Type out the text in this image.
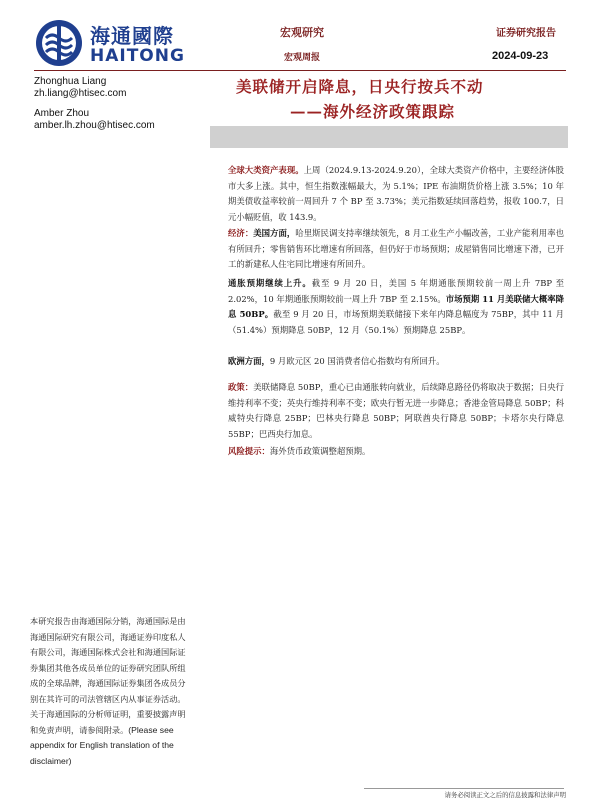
海通國際
HAITONG
宏观研究
宏观周报
证券研究报告
2024-09-23
Zhonghua Liang
zh.liang@htisec.com
Amber Zhou
amber.lh.zhou@htisec.com
美联储开启降息，日央行按兵不动
——海外经济政策跟踪
全球大类资产表现。上周（2024.9.13-2024.9.20），全球大类资产价格中，主要经济体股市大多上涨。其中，恒生指数涨幅最大，为 5.1%；IPE 布油期货价格上涨 3.5%；10 年期美债收益率较前一周回升 7 个 BP 至 3.73%；美元指数延续回落趋势，报收 100.7，日元小幅贬值，收 143.9。
经济：美国方面，哈里斯民调支持率继续领先，8 月工业生产小幅改善，工业产能利用率也有所回升；零售销售环比增速有所回落，但仍好于市场预期；成屋销售同比增速下滑，已开工的新建私人住宅同比增速有所回升。
通胀预期继续上升。截至 9 月 20 日，美国 5 年期通胀预期较前一周上升 7BP 至 2.02%，10 年期通胀预期较前一周上升 7BP 至 2.15%。市场预期 11 月美联储大概率降息 50BP。截至 9 月 20 日，市场预期美联储接下来年内降息幅度为 75BP，其中 11 月（51.4%）预期降息 50BP，12 月（50.1%）预期降息 25BP。
欧洲方面，9 月欧元区 20 国消费者信心指数均有所回升。
政策：美联储降息 50BP，重心已由通胀转向就业，后续降息路径仍将取决于数据；日央行维持利率不变；英央行维持利率不变；欧央行暂无进一步降息；香港金管局降息 50BP；科威特央行降息 25BP；巴林央行降息 50BP；阿联酋央行降息 50BP；卡塔尔央行降息 55BP；巴西央行加息。
风险提示：海外货币政策调整超预期。
本研究报告由海通国际分销，海通国际是由海通国际研究有限公司，海通证券印度私人有限公司，海通国际株式会社和海通国际证券集团其他各成员单位的证券研究团队所组成的全球品牌，海通国际证券集团各成员分别在其许可的司法管辖区内从事证券活动。关于海通国际的分析师证明，重要披露声明和免责声明，请参阅附录。(Please see appendix for English translation of the disclaimer)
请务必阅读正文之后的信息披露和法律声明
